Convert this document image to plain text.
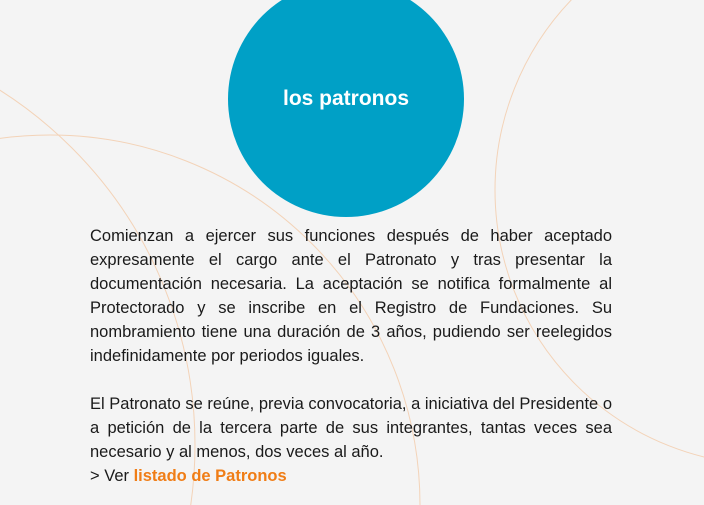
los patronos

Comienzan a ejercer sus funciones después de haber aceptado expresamente el cargo ante el Patronato y tras presentar la documentación necesaria. La aceptación se notifica formalmente al Protectorado y se inscribe en el Registro de Fundaciones. Su nombramiento tiene una duración de 3 años, pudiendo ser reelegidos indefinidamente por periodos iguales.

El Patronato se reúne, previa convocatoria, a iniciativa del Presidente o a petición de la tercera parte de sus integrantes, tantas veces sea necesario y al menos, dos veces al año.

> Ver listado de Patronos
